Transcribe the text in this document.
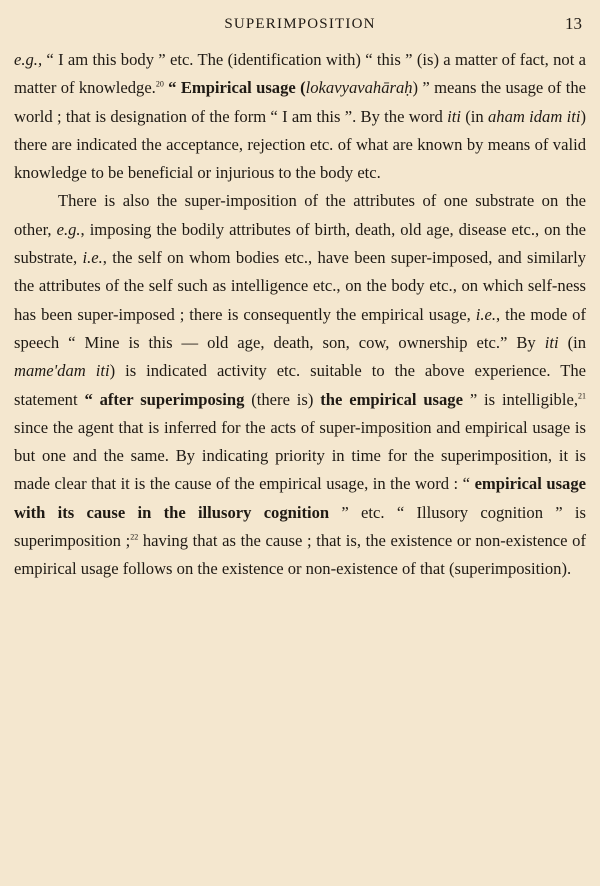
SUPERIMPOSITION	13

e.g., “ I am this body ” etc. The (identification with) “ this ” (is) a matter of fact, not a matter of knowledge.$^{20}$ “ Empirical usage (lokavyavahāraḥ) ” means the usage of the world ; that is designation of the form “ I am this ”. By the word iti (in aham idam iti) there are indicated the acceptance, rejection etc. of what are known by means of valid knowledge to be beneficial or injurious to the body etc.

There is also the super-imposition of the attributes of one substrate on the other, e.g., imposing the bodily attributes of birth, death, old age, disease etc., on the substrate, i.e., the self on whom bodies etc., have been super-imposed, and similarly the attributes of the self such as intelligence etc., on the body etc., on which self-ness has been super-imposed ; there is consequently the empirical usage, i.e., the mode of speech “ Mine is this — old age, death, son, cow, ownership etc.” By iti (in mame'dam iti) is indicated activity etc. suitable to the above experience. The statement “ after superimposing (there is) the empirical usage ” is intelligible,$^{21}$ since the agent that is inferred for the acts of super-imposition and empirical usage is but one and the same. By indicating priority in time for the superimposition, it is made clear that it is the cause of the empirical usage, in the word : “ empirical usage with its cause in the illusory cognition ” etc. “ Illusory cognition ” is superimposition ;$^{22}$ having that as the cause ; that is, the existence or non-existence of empirical usage follows on the existence or non-existence of that (superimposition).
